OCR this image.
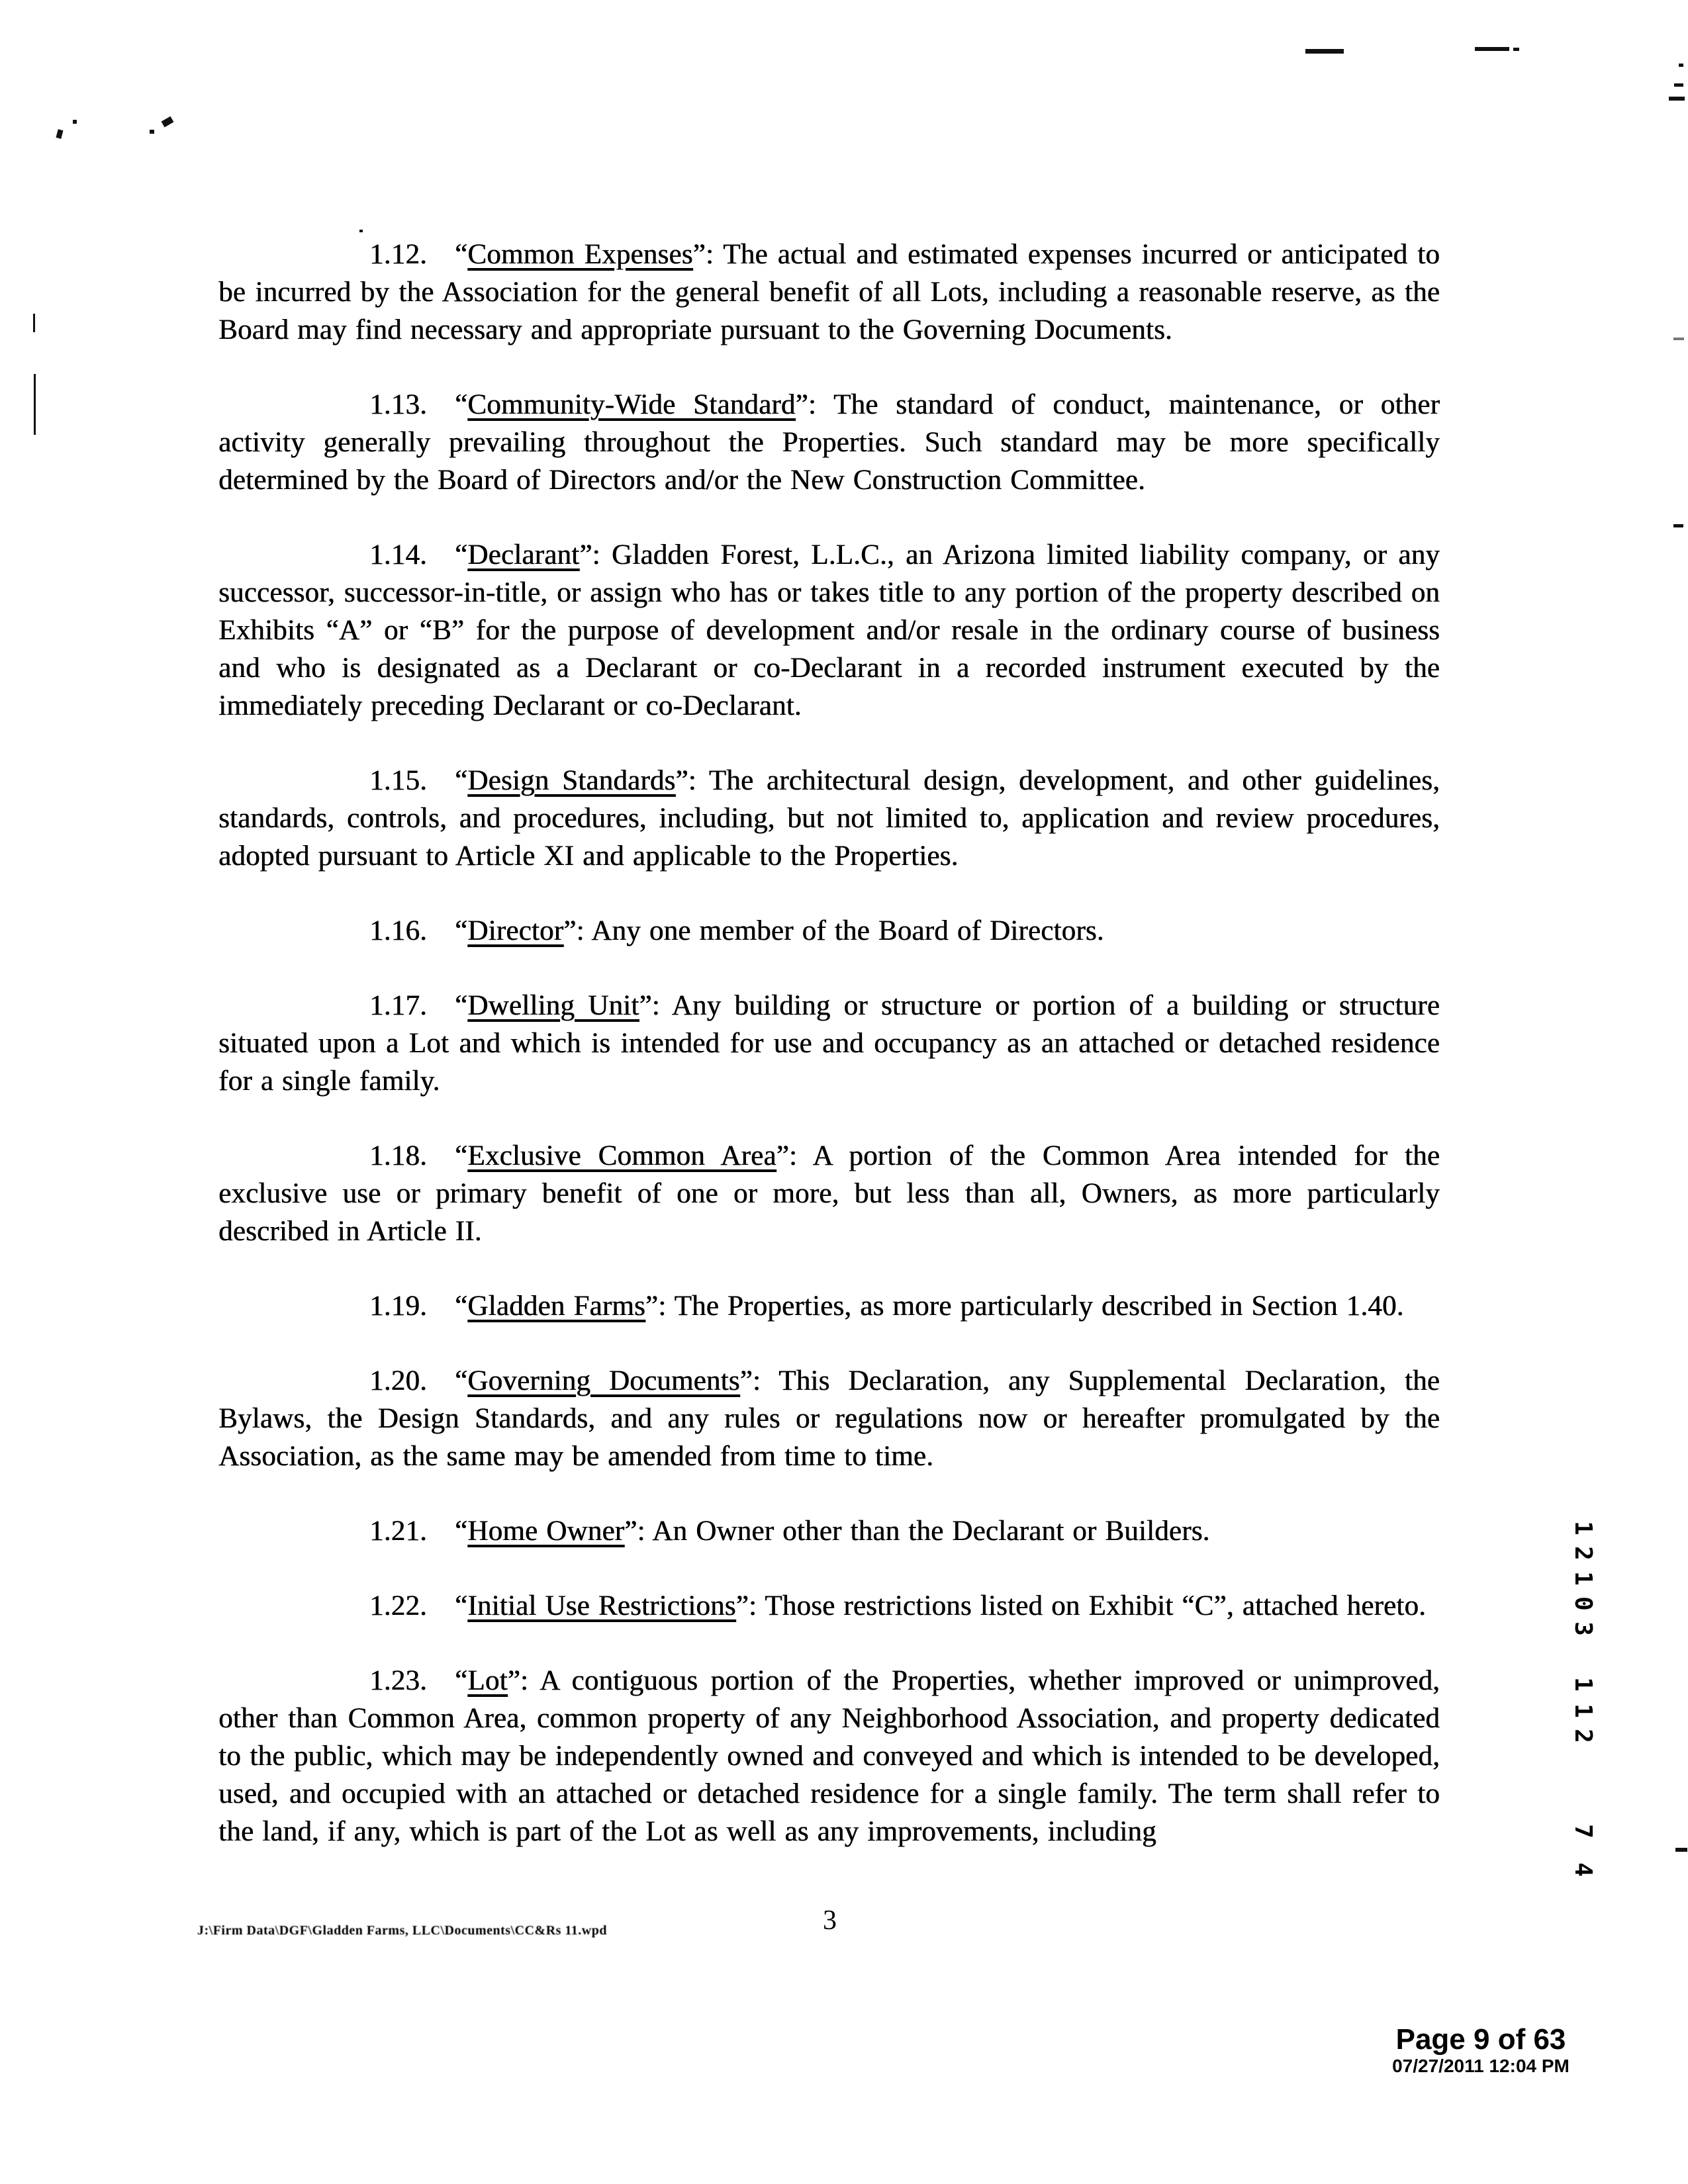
1.12. “Common Expenses”: The actual and estimated expenses incurred or anticipated to be incurred by the Association for the general benefit of all Lots, including a reasonable reserve, as the Board may find necessary and appropriate pursuant to the Governing Documents.

1.13. “Community-Wide Standard”: The standard of conduct, maintenance, or other activity generally prevailing throughout the Properties. Such standard may be more specifically determined by the Board of Directors and/or the New Construction Committee.

1.14. “Declarant”: Gladden Forest, L.L.C., an Arizona limited liability company, or any successor, successor-in-title, or assign who has or takes title to any portion of the property described on Exhibits “A” or “B” for the purpose of development and/or resale in the ordinary course of business and who is designated as a Declarant or co-Declarant in a recorded instrument executed by the immediately preceding Declarant or co-Declarant.

1.15. “Design Standards”: The architectural design, development, and other guidelines, standards, controls, and procedures, including, but not limited to, application and review procedures, adopted pursuant to Article XI and applicable to the Properties.

1.16. “Director”: Any one member of the Board of Directors.

1.17. “Dwelling Unit”: Any building or structure or portion of a building or structure situated upon a Lot and which is intended for use and occupancy as an attached or detached residence for a single family.

1.18. “Exclusive Common Area”: A portion of the Common Area intended for the exclusive use or primary benefit of one or more, but less than all, Owners, as more particularly described in Article II.

1.19. “Gladden Farms”: The Properties, as more particularly described in Section 1.40.

1.20. “Governing Documents”: This Declaration, any Supplemental Declaration, the Bylaws, the Design Standards, and any rules or regulations now or hereafter promulgated by the Association, as the same may be amended from time to time.

1.21. “Home Owner”: An Owner other than the Declarant or Builders.

1.22. “Initial Use Restrictions”: Those restrictions listed on Exhibit “C”, attached hereto.

1.23. “Lot”: A contiguous portion of the Properties, whether improved or unimproved, other than Common Area, common property of any Neighborhood Association, and property dedicated to the public, which may be independently owned and conveyed and which is intended to be developed, used, and occupied with an attached or detached residence for a single family. The term shall refer to the land, if any, which is part of the Lot as well as any improvements, including

J:\Firm Data\DGF\Gladden Farms, LLC\Documents\CC&Rs 11.wpd	3
Page 9 of 63
07/27/2011 12:04 PM
1
2
1
0
3
1
1
2
7
4
